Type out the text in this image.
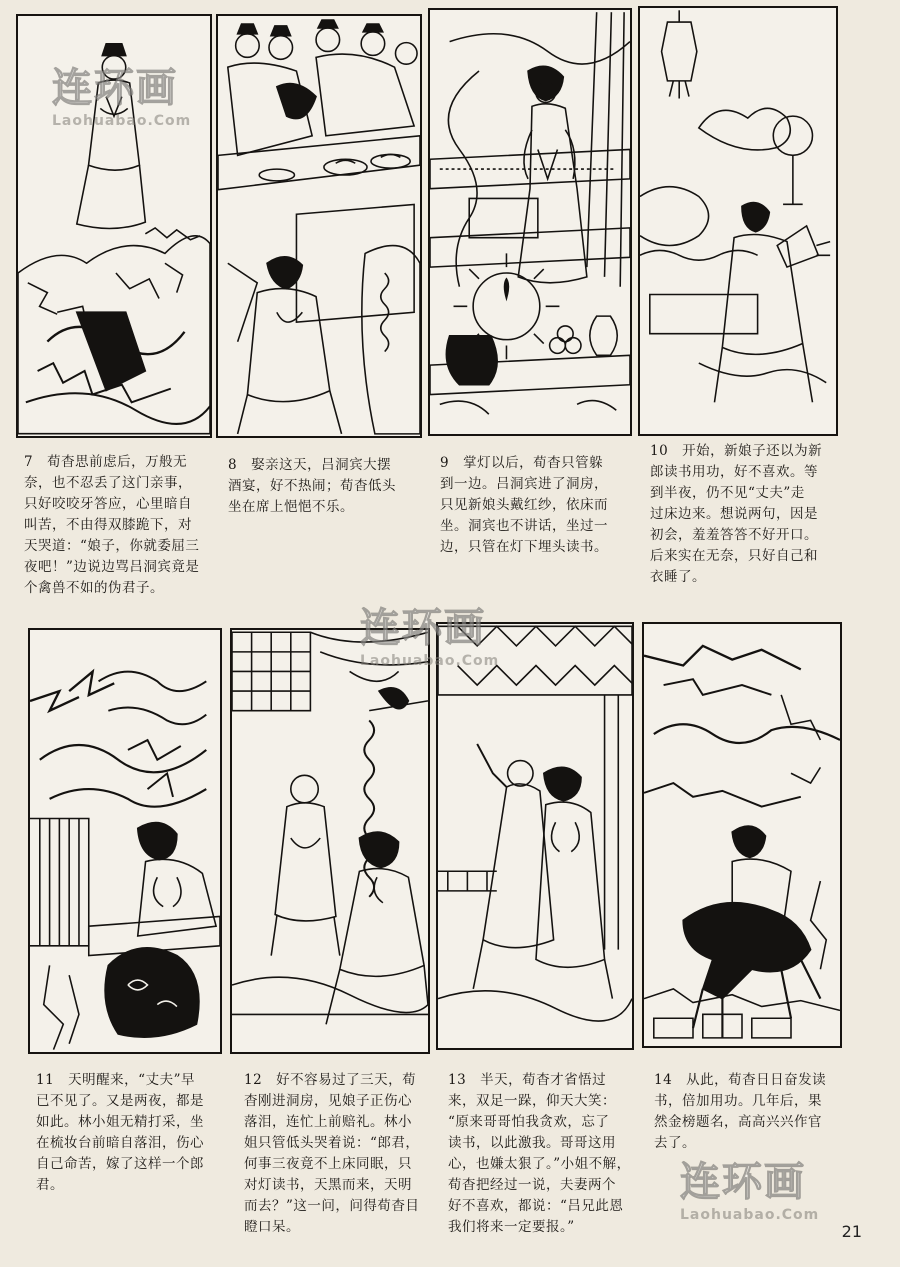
7　荀杳思前虑后，万般无
奈，也不忍丢了这门亲事，
只好咬咬牙答应，心里暗自
叫苦，不由得双膝跪下，对
天哭道：“娘子，你就委屈三
夜吧！”边说边骂吕洞宾竟是
个禽兽不如的伪君子。
8　娶亲这天，吕洞宾大摆
酒宴，好不热闹；荀杳低头
坐在席上悒悒不乐。
9　掌灯以后，荀杳只管躲
到一边。吕洞宾进了洞房，
只见新娘头戴红纱，依床而
坐。洞宾也不讲话，坐过一
边，只管在灯下埋头读书。
10　开始，新娘子还以为新
郎读书用功，好不喜欢。等
到半夜，仍不见“丈夫”走
过床边来。想说两句，因是
初会，羞羞答答不好开口。
后来实在无奈，只好自己和
衣睡了。
11　天明醒来，“丈夫”早
已不见了。又是两夜，都是
如此。林小姐无精打采，坐
在梳妆台前暗自落泪，伤心
自己命苦，嫁了这样一个郎
君。
12　好不容易过了三天，荀
杳刚进洞房，见娘子正伤心
落泪，连忙上前赔礼。林小
姐只管低头哭着说：“郎君，
何事三夜竟不上床同眠，只
对灯读书，天黑而来，天明
而去？”这一问，问得荀杳目
瞪口呆。
13　半天，荀杳才省悟过
来，双足一跺，仰天大笑：
“原来哥哥怕我贪欢，忘了
读书，以此激我。哥哥这用
心，也嫌太狠了。”小姐不解，
荀杳把经过一说，夫妻两个
好不喜欢，都说：“吕兄此恩
我们将来一定要报。”
14　从此，荀杳日日奋发读
书，倍加用功。几年后，果
然金榜题名，高高兴兴作官
去了。
连环画
Laohuabao.Com
连环画
Laohuabao.Com
连环画
Laohuabao.Com
21
